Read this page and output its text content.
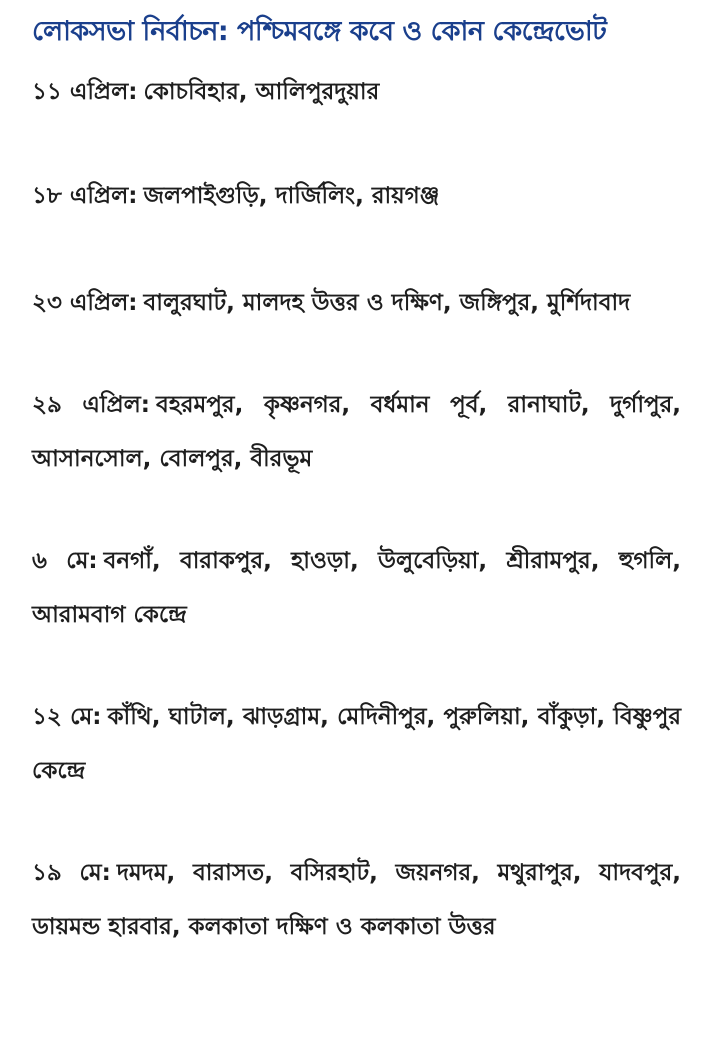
লোকসভা নির্বাচন: পশ্চিমবঙ্গে কবে ও কোন কেন্দ্রেভোট

১১ এপ্রিল: কোচবিহার, আলিপুরদুয়ার

১৮ এপ্রিল: জলপাইগুড়ি, দার্জিলিং, রায়গঞ্জ

২৩ এপ্রিল: বালুরঘাট, মালদহ উত্তর ও দক্ষিণ, জঙ্গিপুর, মুর্শিদাবাদ

২৯ এপ্রিল: বহরমপুর, কৃষ্ণনগর, বর্ধমান পূর্ব, রানাঘাট, দুর্গাপুর, আসানসোল, বোলপুর, বীরভূম

৬ মে: বনগাঁ, বারাকপুর, হাওড়া, উলুবেড়িয়া, শ্রীরামপুর, হুগলি, আরামবাগ কেন্দ্রে

১২ মে: কাঁথি, ঘাটাল, ঝাড়গ্রাম, মেদিনীপুর, পুরুলিয়া, বাঁকুড়া, বিষ্ণুপুর কেন্দ্রে

১৯ মে: দমদম, বারাসত, বসিরহাট, জয়নগর, মথুরাপুর, যাদবপুর, ডায়মন্ড হারবার, কলকাতা দক্ষিণ ও কলকাতা উত্তর
